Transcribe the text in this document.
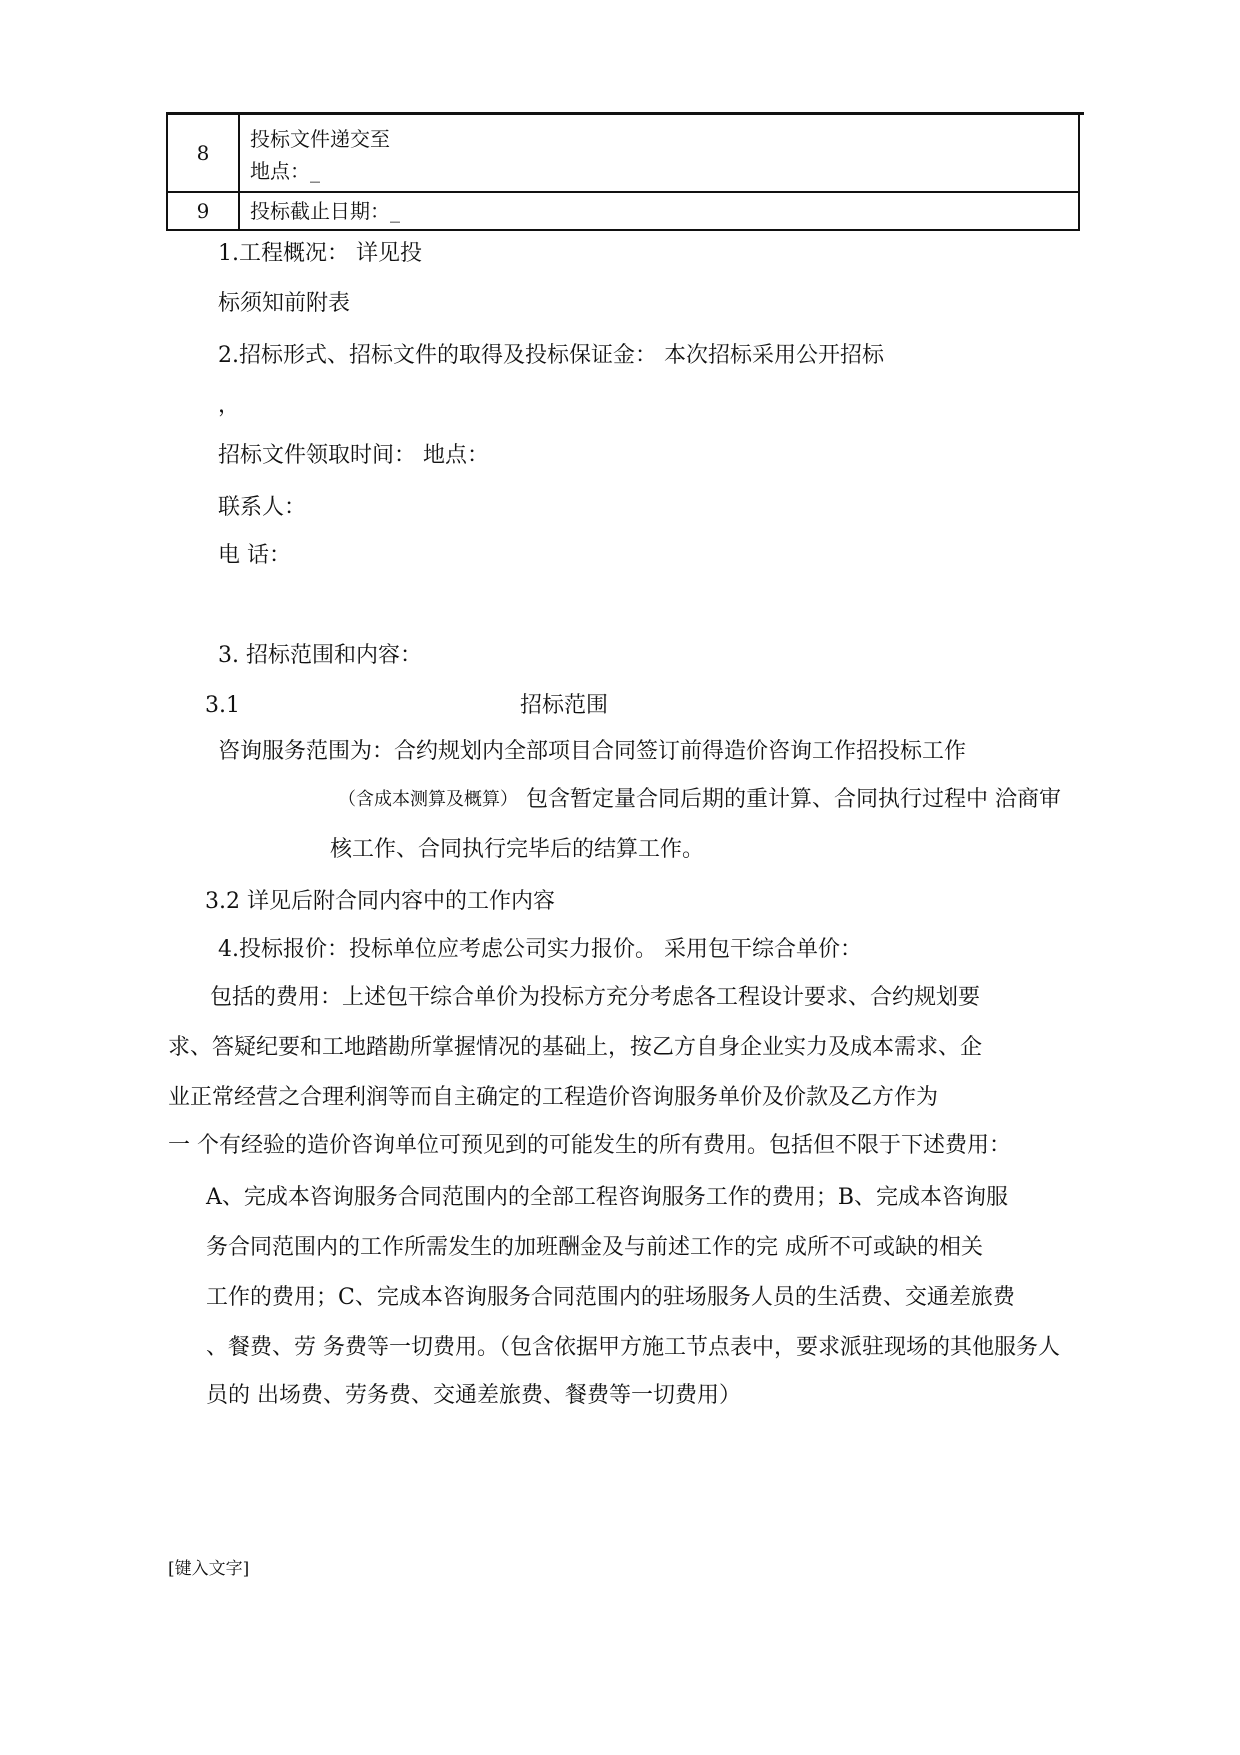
8
投标文件递交至
地点：_
9	投标截止日期：_
1.工程概况： 详见投
标须知前附表
2.招标形式、招标文件的取得及投标保证金： 本次招标采用公开招标
，
招标文件领取时间： 地点：
联系人：
电 话：
3. 招标范围和内容：
3.1	招标范围
咨询服务范围为：合约规划内全部项目合同签订前得造价咨询工作招投标工作
（含成本测算及概算） 包含暂定量合同后期的重计算、合同执行过程中 洽商审
核工作、合同执行完毕后的结算工作。
3.2 详见后附合同内容中的工作内容
4.投标报价：投标单位应考虑公司实力报价。 采用包干综合单价：
包括的费用：上述包干综合单价为投标方充分考虑各工程设计要求、合约规划要
求、答疑纪要和工地踏勘所掌握情况的基础上，按乙方自身企业实力及成本需求、企
业正常经营之合理利润等而自主确定的工程造价咨询服务单价及价款及乙方作为
一 个有经验的造价咨询单位可预见到的可能发生的所有费用。包括但不限于下述费用：
A、完成本咨询服务合同范围内的全部工程咨询服务工作的费用；B、完成本咨询服
务合同范围内的工作所需发生的加班酬金及与前述工作的完 成所不可或缺的相关
工作的费用；C、完成本咨询服务合同范围内的驻场服务人员的生活费、交通差旅费
、餐费、劳 务费等一切费用。（包含依据甲方施工节点表中，要求派驻现场的其他服务人
员的 出场费、劳务费、交通差旅费、餐费等一切费用）
[键入文字]
